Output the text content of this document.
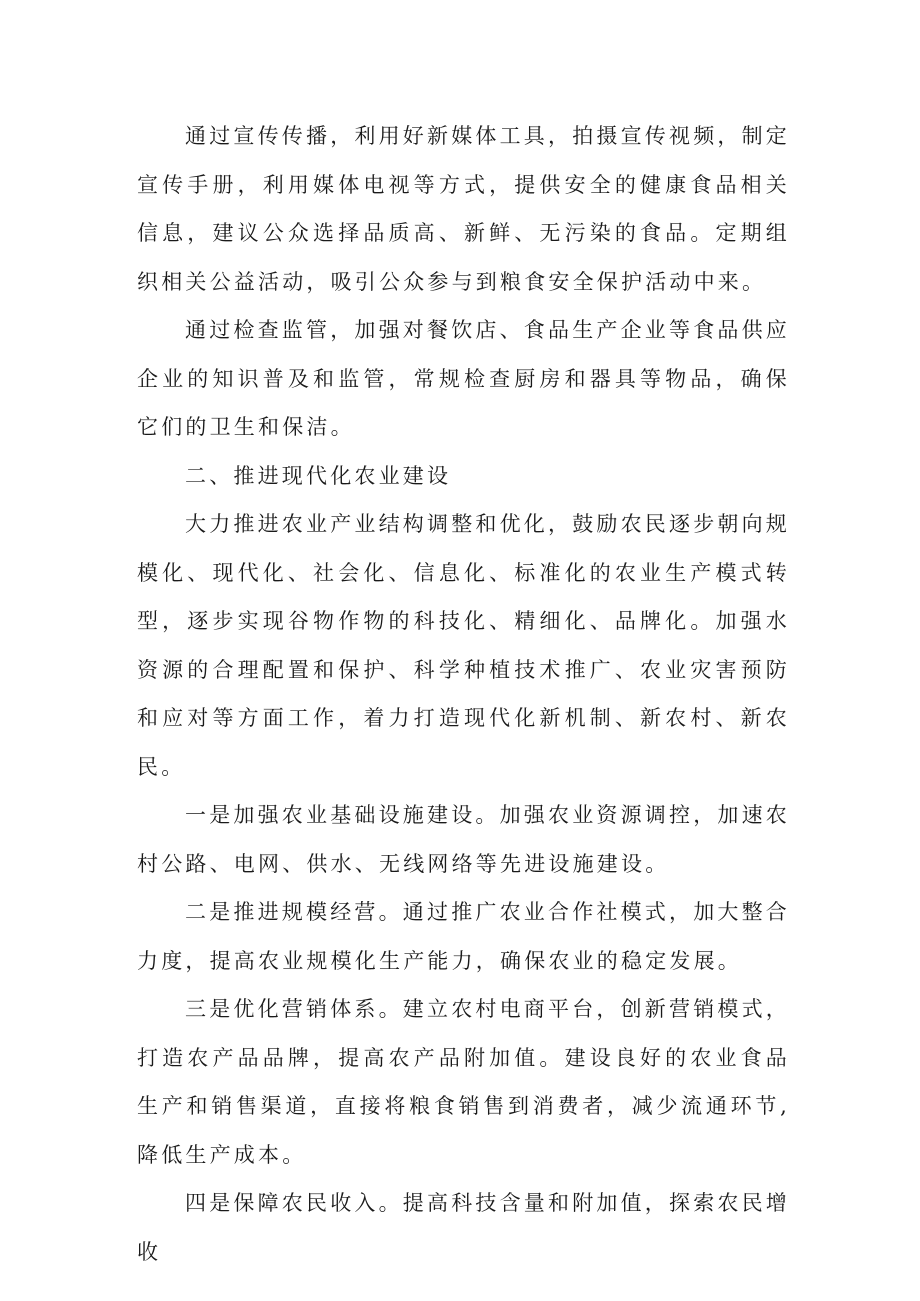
通过宣传传播，利用好新媒体工具，拍摄宣传视频，制定宣传手册，利用媒体电视等方式，提供安全的健康食品相关信息，建议公众选择品质高、新鲜、无污染的食品。定期组织相关公益活动，吸引公众参与到粮食安全保护活动中来。

通过检查监管，加强对餐饮店、食品生产企业等食品供应企业的知识普及和监管，常规检查厨房和器具等物品，确保它们的卫生和保洁。

二、推进现代化农业建设

大力推进农业产业结构调整和优化，鼓励农民逐步朝向规模化、现代化、社会化、信息化、标准化的农业生产模式转型，逐步实现谷物作物的科技化、精细化、品牌化。加强水资源的合理配置和保护、科学种植技术推广、农业灾害预防和应对等方面工作，着力打造现代化新机制、新农村、新农民。

一是加强农业基础设施建设。加强农业资源调控，加速农村公路、电网、供水、无线网络等先进设施建设。

二是推进规模经营。通过推广农业合作社模式，加大整合力度，提高农业规模化生产能力，确保农业的稳定发展。

三是优化营销体系。建立农村电商平台，创新营销模式，打造农产品品牌，提高农产品附加值。建设良好的农业食品生产和销售渠道，直接将粮食销售到消费者，减少流通环节,降低生产成本。

四是保障农民收入。提高科技含量和附加值，探索农民增收
